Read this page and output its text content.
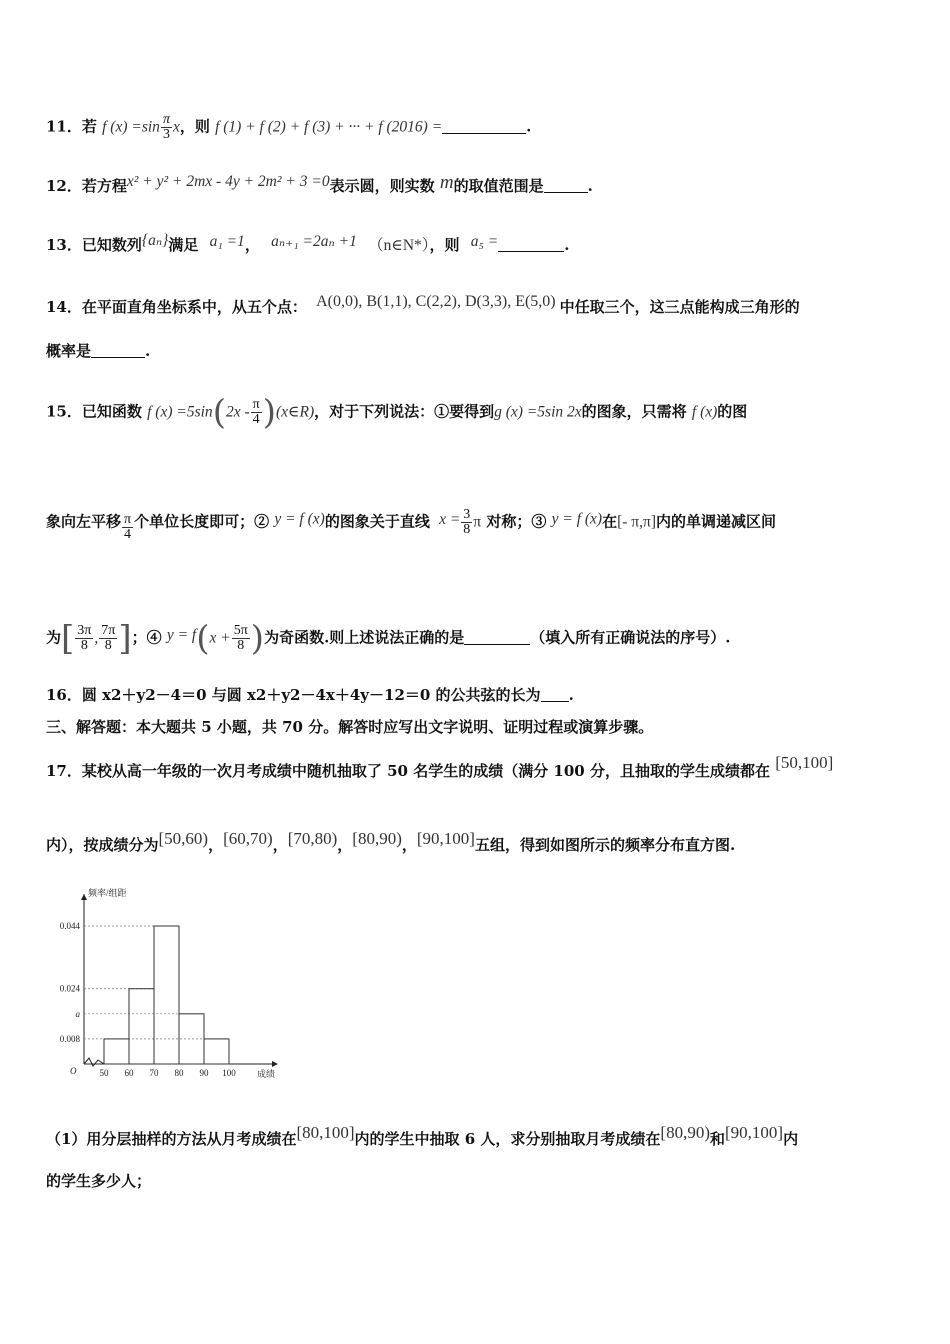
11．若 f $(x) =\sin \frac{\pi}{3}$ x，则 f (1) + f (2) + f (3) + ··· + f (2016) =	.
12．若方程x² + y² + 2mx - 4y + 2m² + 3 =0表示圆，则实数 m的取值范围是	.
13．已知数列{aₙ}满足 a₁ =1， aₙ₊₁ =2aₙ +1 （n∈N*），则 a₅ =	.
14．在平面直角坐标系中，从五个点： A(0,0), B(1,1), C(2,2), D(3,3), E(5,0) 中任取三个，这三点能构成三角形的
概率是	.
15．已知函数 f $(x) =5\sin(2x - \frac{\pi}{4}$ )(x∈R)，对于下列说法：①要得到g (x) =5sin 2x的图象，只需将 f (x)的图
象向左平移 $\frac{\pi}{4}$ 个单位长度即可；② y = f (x)的图象关于直线 $x = \frac{3}{8}$ π 对称；③ y = f (x)在[- π,π]内的单调递减区间
为[ $\frac{3\pi}{8}$ , $\frac{7\pi}{8}$ ]；④ $y = f(x + \frac{5\pi}{8}$ )为奇函数.则上述说法正确的是	（填入所有正确说法的序号）.
16．圆 x2＋y2－4＝0 与圆 x2＋y2－4x＋4y－12＝0 的公共弦的长为 .
三、解答题：本大题共 5 小题，共 70 分。解答时应写出文字说明、证明过程或演算步骤。
17．某校从高一年级的一次月考成绩中随机抽取了 50 名学生的成绩（满分 100 分，且抽取的学生成绩都在 [50,100]
内），按成绩分为[50,60)，[60,70)，[70,80)，[80,90)，[90,100]五组，得到如图所示的频率分布直方图.
0.044
0.024
a
0.008
50 60 70 80 90 100 成绩
频率/组距
O
（1）用分层抽样的方法从月考成绩在[80,100]内的学生中抽取 6 人，求分别抽取月考成绩在[80,90)和[90,100]内
的学生多少人；
